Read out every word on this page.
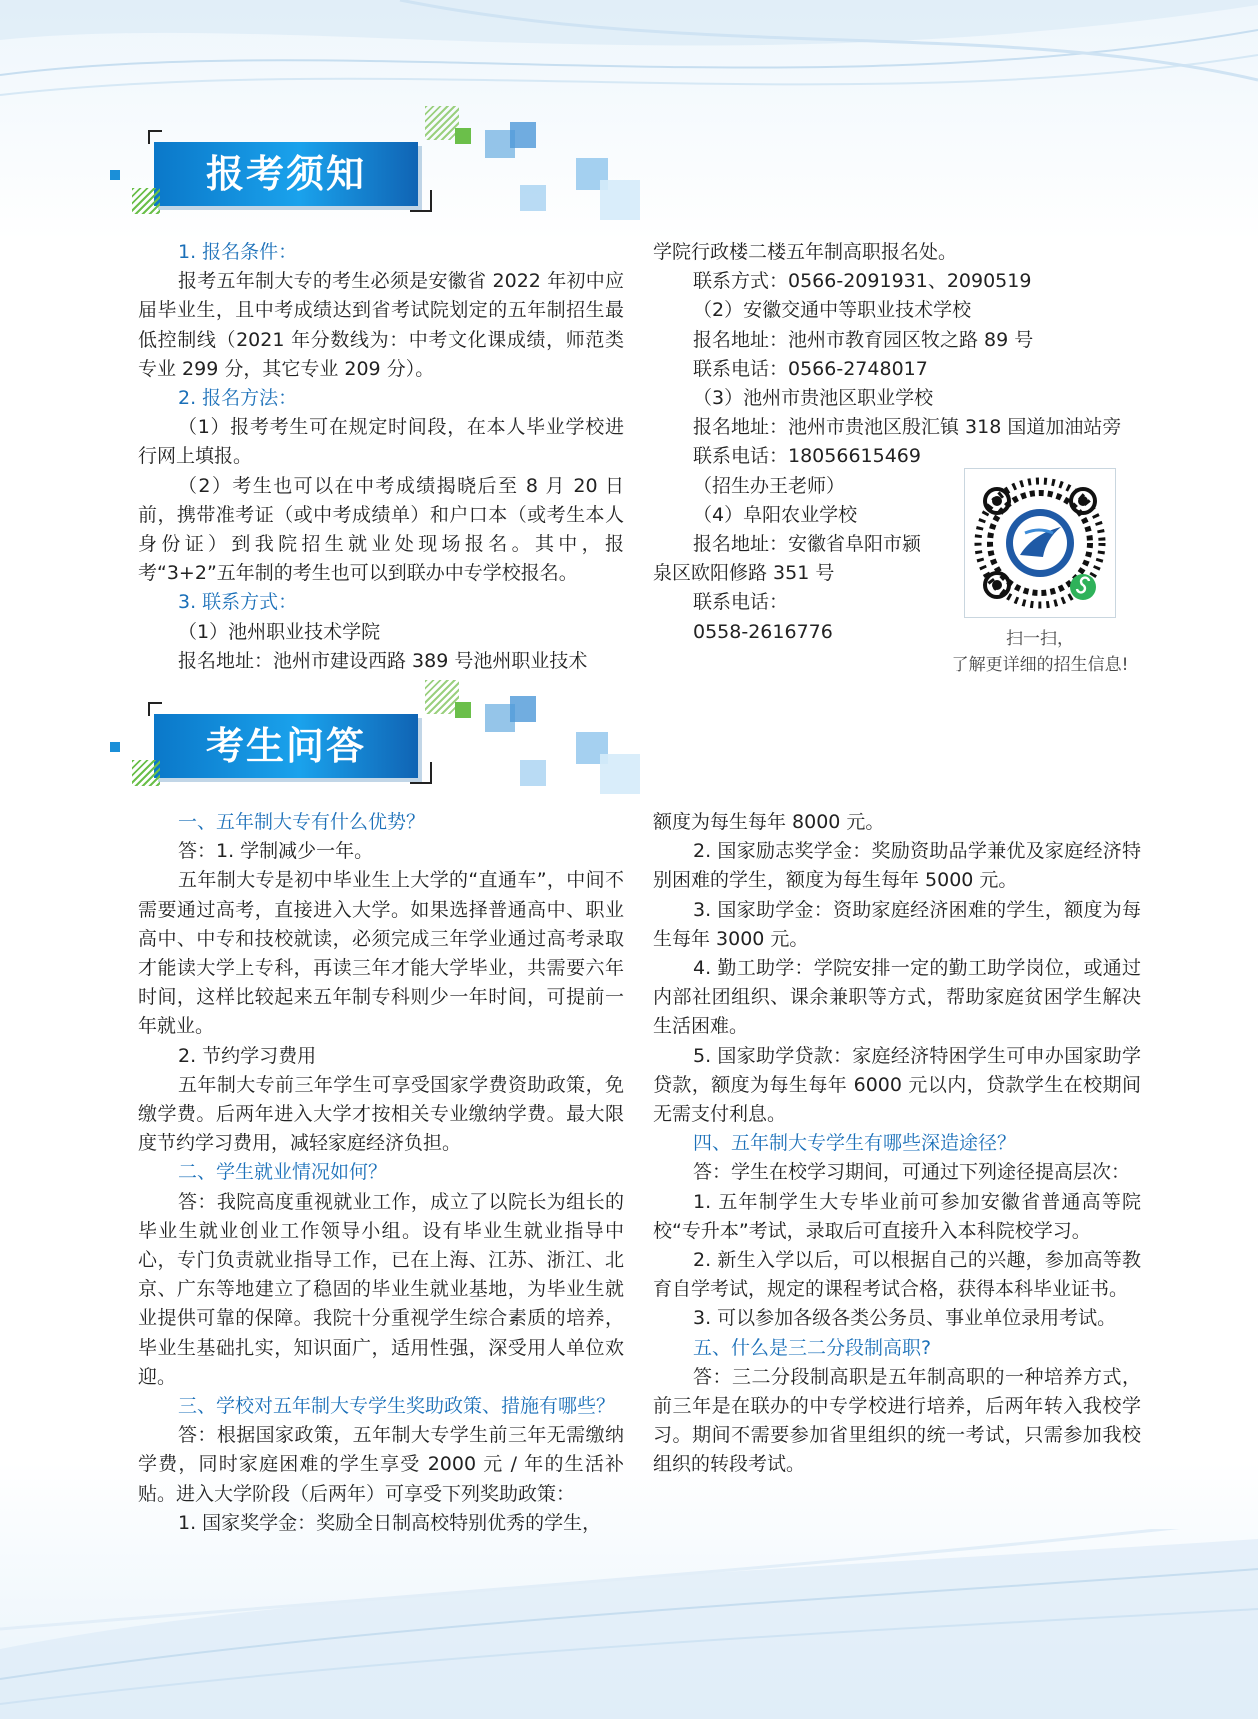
报考须知

1. 报名条件：

报考五年制大专的考生必须是安徽省 2022 年初中应届毕业生，且中考成绩达到省考试院划定的五年制招生最低控制线（2021 年分数线为：中考文化课成绩，师范类专业 299 分，其它专业 209 分）。

2. 报名方法：

（1）报考考生可在规定时间段，在本人毕业学校进行网上填报。

（2）考生也可以在中考成绩揭晓后至 8 月 20 日前，携带准考证（或中考成绩单）和户口本（或考生本人身份证）到我院招生就业处现场报名。其中，报考“3+2”五年制的考生也可以到联办中专学校报名。

3. 联系方式：

（1）池州职业技术学院

报名地址：池州市建设西路 389 号池州职业技术

学院行政楼二楼五年制高职报名处。

联系方式：0566-2091931、2090519

（2）安徽交通中等职业技术学校

报名地址：池州市教育园区牧之路 89 号

联系电话：0566-2748017

（3）池州市贵池区职业学校

报名地址：池州市贵池区殷汇镇 318 国道加油站旁

联系电话：18056615469

（招生办王老师）

（4）阜阳农业学校

报名地址：安徽省阜阳市颍

泉区欧阳修路 351 号

联系电话：

0558-2616776	扫一扫，
了解更详细的招生信息!
考生问答

一、五年制大专有什么优势？

答：1. 学制减少一年。

五年制大专是初中毕业生上大学的“直通车”，中间不需要通过高考，直接进入大学。如果选择普通高中、职业高中、中专和技校就读，必须完成三年学业通过高考录取才能读大学上专科，再读三年才能大学毕业，共需要六年时间，这样比较起来五年制专科则少一年时间，可提前一年就业。

2. 节约学习费用

五年制大专前三年学生可享受国家学费资助政策，免缴学费。后两年进入大学才按相关专业缴纳学费。最大限度节约学习费用，减轻家庭经济负担。

二、学生就业情况如何？

答：我院高度重视就业工作，成立了以院长为组长的毕业生就业创业工作领导小组。设有毕业生就业指导中心，专门负责就业指导工作，已在上海、江苏、浙江、北京、广东等地建立了稳固的毕业生就业基地，为毕业生就业提供可靠的保障。我院十分重视学生综合素质的培养，毕业生基础扎实，知识面广，适用性强，深受用人单位欢迎。

三、学校对五年制大专学生奖助政策、措施有哪些？

答：根据国家政策，五年制大专学生前三年无需缴纳学费，同时家庭困难的学生享受 2000 元 / 年的生活补贴。进入大学阶段（后两年）可享受下列奖助政策：

1. 国家奖学金：奖励全日制高校特别优秀的学生，

额度为每生每年 8000 元。

2. 国家励志奖学金：奖励资助品学兼优及家庭经济特别困难的学生，额度为每生每年 5000 元。

3. 国家助学金：资助家庭经济困难的学生，额度为每生每年 3000 元。

4. 勤工助学：学院安排一定的勤工助学岗位，或通过内部社团组织、课余兼职等方式，帮助家庭贫困学生解决生活困难。

5. 国家助学贷款：家庭经济特困学生可申办国家助学贷款，额度为每生每年 6000 元以内，贷款学生在校期间无需支付利息。

四、五年制大专学生有哪些深造途径？

答：学生在校学习期间，可通过下列途径提高层次：

1. 五年制学生大专毕业前可参加安徽省普通高等院校“专升本”考试，录取后可直接升入本科院校学习。

2. 新生入学以后，可以根据自己的兴趣，参加高等教育自学考试，规定的课程考试合格，获得本科毕业证书。

3. 可以参加各级各类公务员、事业单位录用考试。

五、什么是三二分段制高职?

答：三二分段制高职是五年制高职的一种培养方式，前三年是在联办的中专学校进行培养，后两年转入我校学习。期间不需要参加省里组织的统一考试，只需参加我校组织的转段考试。
